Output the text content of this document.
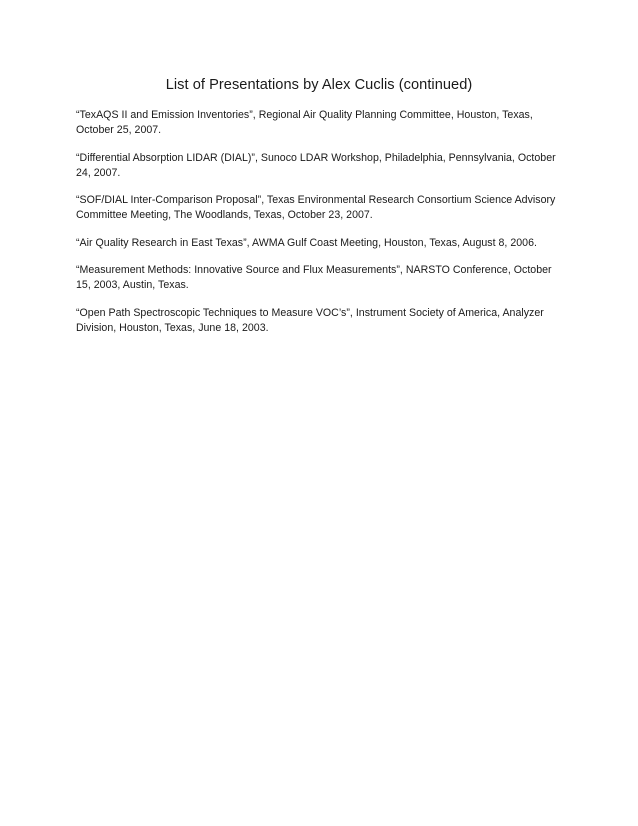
List of Presentations by Alex Cuclis (continued)

“TexAQS II and Emission Inventories”, Regional Air Quality Planning Committee, Houston, Texas, October 25, 2007.

“Differential Absorption LIDAR (DIAL)”, Sunoco LDAR Workshop, Philadelphia, Pennsylvania, October 24, 2007.

“SOF/DIAL Inter-Comparison Proposal”, Texas Environmental Research Consortium Science Advisory Committee Meeting, The Woodlands, Texas, October 23, 2007.

“Air Quality Research in East Texas”, AWMA Gulf Coast Meeting, Houston, Texas, August 8, 2006.

“Measurement Methods: Innovative Source and Flux Measurements”, NARSTO Conference, October 15, 2003, Austin, Texas.

“Open Path Spectroscopic Techniques to Measure VOC’s”, Instrument Society of America, Analyzer Division, Houston, Texas, June 18, 2003.
